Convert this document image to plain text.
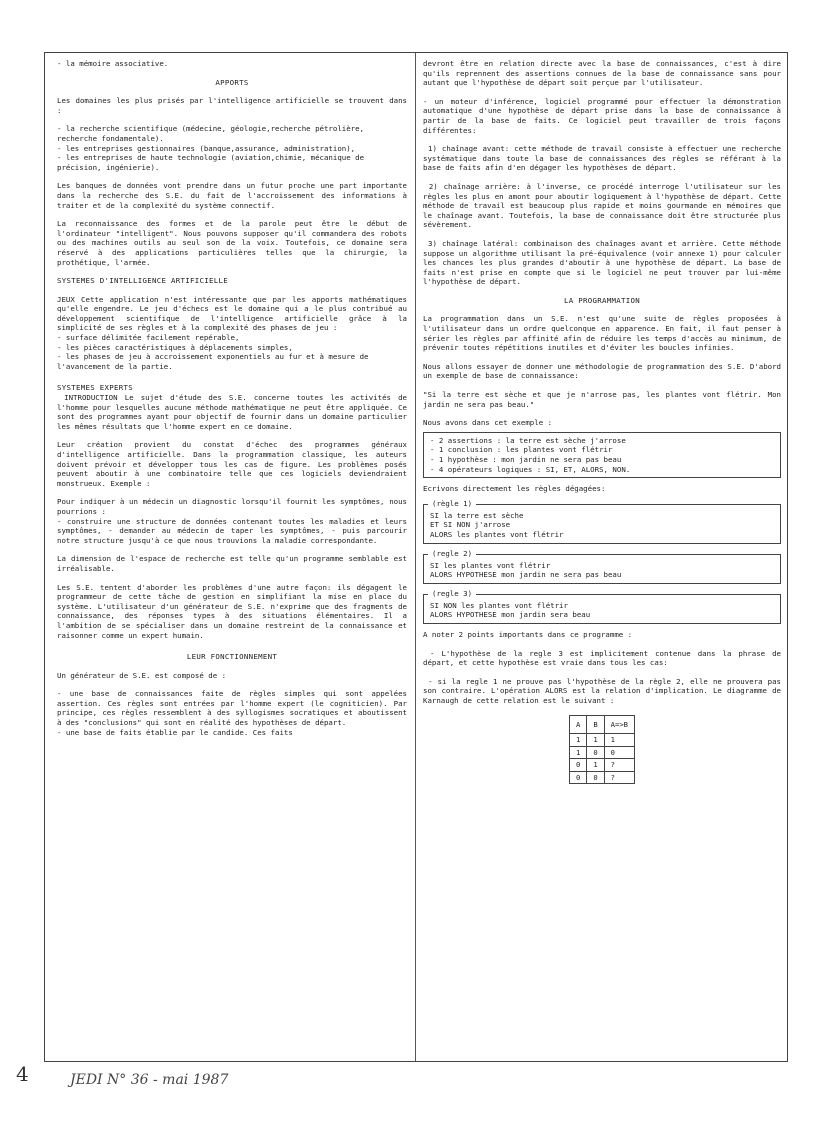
- la mémoire associative.

APPORTS

Les domaines les plus prisés par l'intelligence artificielle se trouvent dans :

- la recherche scientifique (médecine, géologie,recherche pétrolière, recherche fondamentale).
- les entreprises gestionnaires (banque,assurance, administration),
- les entreprises de haute technologie (aviation,chimie, mécanique de précision, ingénierie).

Les banques de données vont prendre dans un futur proche une part importante dans la recherche des S.E. du fait de l'accroissement des informations à traiter et de la complexité du système connectif.

La reconnaissance des formes et de la parole peut être le début de l'ordinateur "intelligent". Nous pouvons supposer qu'il commandera des robots ou des machines outils au seul son de la voix. Toutefois, ce domaine sera réservé à des applications particulières telles que la chirurgie, la prothétique, l'armée.

SYSTEMES D'INTELLIGENCE ARTIFICIELLE

JEUX Cette application n'est intéressante que par les apports mathématiques qu'elle engendre. Le jeu d'échecs est le domaine qui a le plus contribué au développement scientifique de l'intelligence artificielle grâce à la simplicité de ses règles et à la complexité des phases de jeu :

- surface délimitée facilement repérable,
- les pièces caractéristiques à déplacements simples,
- les phases de jeu à accroissement exponentiels au fur et à mesure de l'avancement de la partie.
SYSTEMES EXPERTS

INTRODUCTION Le sujet d'étude des S.E. concerne toutes les activités de l'homme pour lesquelles aucune méthode mathématique ne peut être appliquée. Ce sont des programmes ayant pour objectif de fournir dans un domaine particulier les mêmes résultats que l'homme expert en ce domaine.

Leur création provient du constat d'échec des programmes généraux d'intelligence artificielle. Dans la programmation classique, les auteurs doivent prévoir et développer tous les cas de figure. Les problèmes posés peuvent aboutir à une combinatoire telle que ces logiciels deviendraient monstrueux. Exemple :

Pour indiquer à un médecin un diagnostic lorsqu'il fournit les symptômes, nous pourrions :
- construire une structure de données contenant toutes les maladies et leurs symptômes, - demander au médecin de taper les symptômes, - puis parcourir notre structure jusqu'à ce que nous trouvions la maladie correspondante.

La dimension de l'espace de recherche est telle qu'un programme semblable est irréalisable.

Les S.E. tentent d'aborder les problèmes d'une autre façon: ils dégagent le programmeur de cette tâche de gestion en simplifiant la mise en place du système. L'utilisateur d'un générateur de S.E. n'exprime que des fragments de connaissance, des réponses types à des situations élémentaires. Il a l'ambition de se spécialiser dans un domaine restreint de la connaissance et raisonner comme un expert humain.

LEUR FONCTIONNEMENT

Un générateur de S.E. est composé de :

- une base de connaissances faite de règles simples qui sont appelées assertion. Ces règles sont entrées par l'homme expert (le cogniticien). Par principe, ces règles ressemblent à des syllogismes socratiques et aboutissent à des "conclusions" qui sont en réalité des hypothèses de départ.
- une base de faits établie par le candide. Ces faits

devront être en relation directe avec la base de connaissances, c'est à dire qu'ils reprennent des assertions connues de la base de connaissance sans pour autant que l'hypothèse de départ soit perçue par l'utilisateur.

- un moteur d'inférence, logiciel programmé pour effectuer la démonstration automatique d'une hypothèse de départ prise dans la base de connaissance à partir de la base de faits. Ce logiciel peut travailler de trois façons différentes:

1) chaînage avant: cette méthode de travail consiste à effectuer une recherche systématique dans toute la base de connaissances des règles se référant à la base de faits afin d'en dégager les hypothèses de départ.

2) chaînage arrière: à l'inverse, ce procédé interroge l'utilisateur sur les règles les plus en amont pour aboutir logiquement à l'hypothèse de départ. Cette méthode de travail est beaucoup plus rapide et moins gourmande en mémoires que le chaînage avant. Toutefois, la base de connaissance doit être structurée plus sévèrement.

3) chaînage latéral: combinaison des chaînages avant et arrière. Cette méthode suppose un algorithme utilisant la pré-équivalence (voir annexe 1) pour calculer les chances les plus grandes d'aboutir à une hypothèse de départ. La base de faits n'est prise en compte que si le logiciel ne peut trouver par lui-même l'hypothèse de départ.

LA PROGRAMMATION

La programmation dans un S.E. n'est qu'une suite de règles proposées à l'utilisateur dans un ordre quelconque en apparence. En fait, il faut penser à sérier les règles par affinité afin de réduire les temps d'accès au minimum, de prévenir toutes répétitions inutiles et d'éviter les boucles infinies.

Nous allons essayer de donner une méthodologie de programmation des S.E. D'abord un exemple de base de connaissance:

"Si la terre est sèche et que je n'arrose pas, les plantes vont flétrir. Mon jardin ne sera pas beau."

Nous avons dans cet exemple :

- 2 assertions : la terre est sèche j'arrose
- 1 conclusion : les plantes vont flétrir
- 1 hypothèse : mon jardin ne sera pas beau
- 4 opérateurs logiques : SI, ET, ALORS, NON.

Ecrivons directement les règles dégagées:

(règle 1)
SI la terre est sèche
ET SI NON j'arrose
ALORS les plantes vont flétrir
(regle 2)
SI les plantes vont flétrir
ALORS HYPOTHESE mon jardin ne sera pas beau
(regle 3)
SI NON les plantes vont flétrir
ALORS HYPOTHESE mon jardin sera beau

A noter 2 points importants dans ce programme :

- L'hypothèse de la regle 3 est implicitement contenue dans la phrase de départ, et cette hypothèse est vraie dans tous les cas:

- si la regle 1 ne prouve pas l'hypothèse de la règle 2, elle ne prouvera pas son contraire. L'opération ALORS est la relation d'implication. Le diagramme de Karnaugh de cette relation est le suivant :

A	B	A=>B
1	1	1
1	0	0
0	1	?
0	0	?
4	JEDI N° 36 - mai 1987
